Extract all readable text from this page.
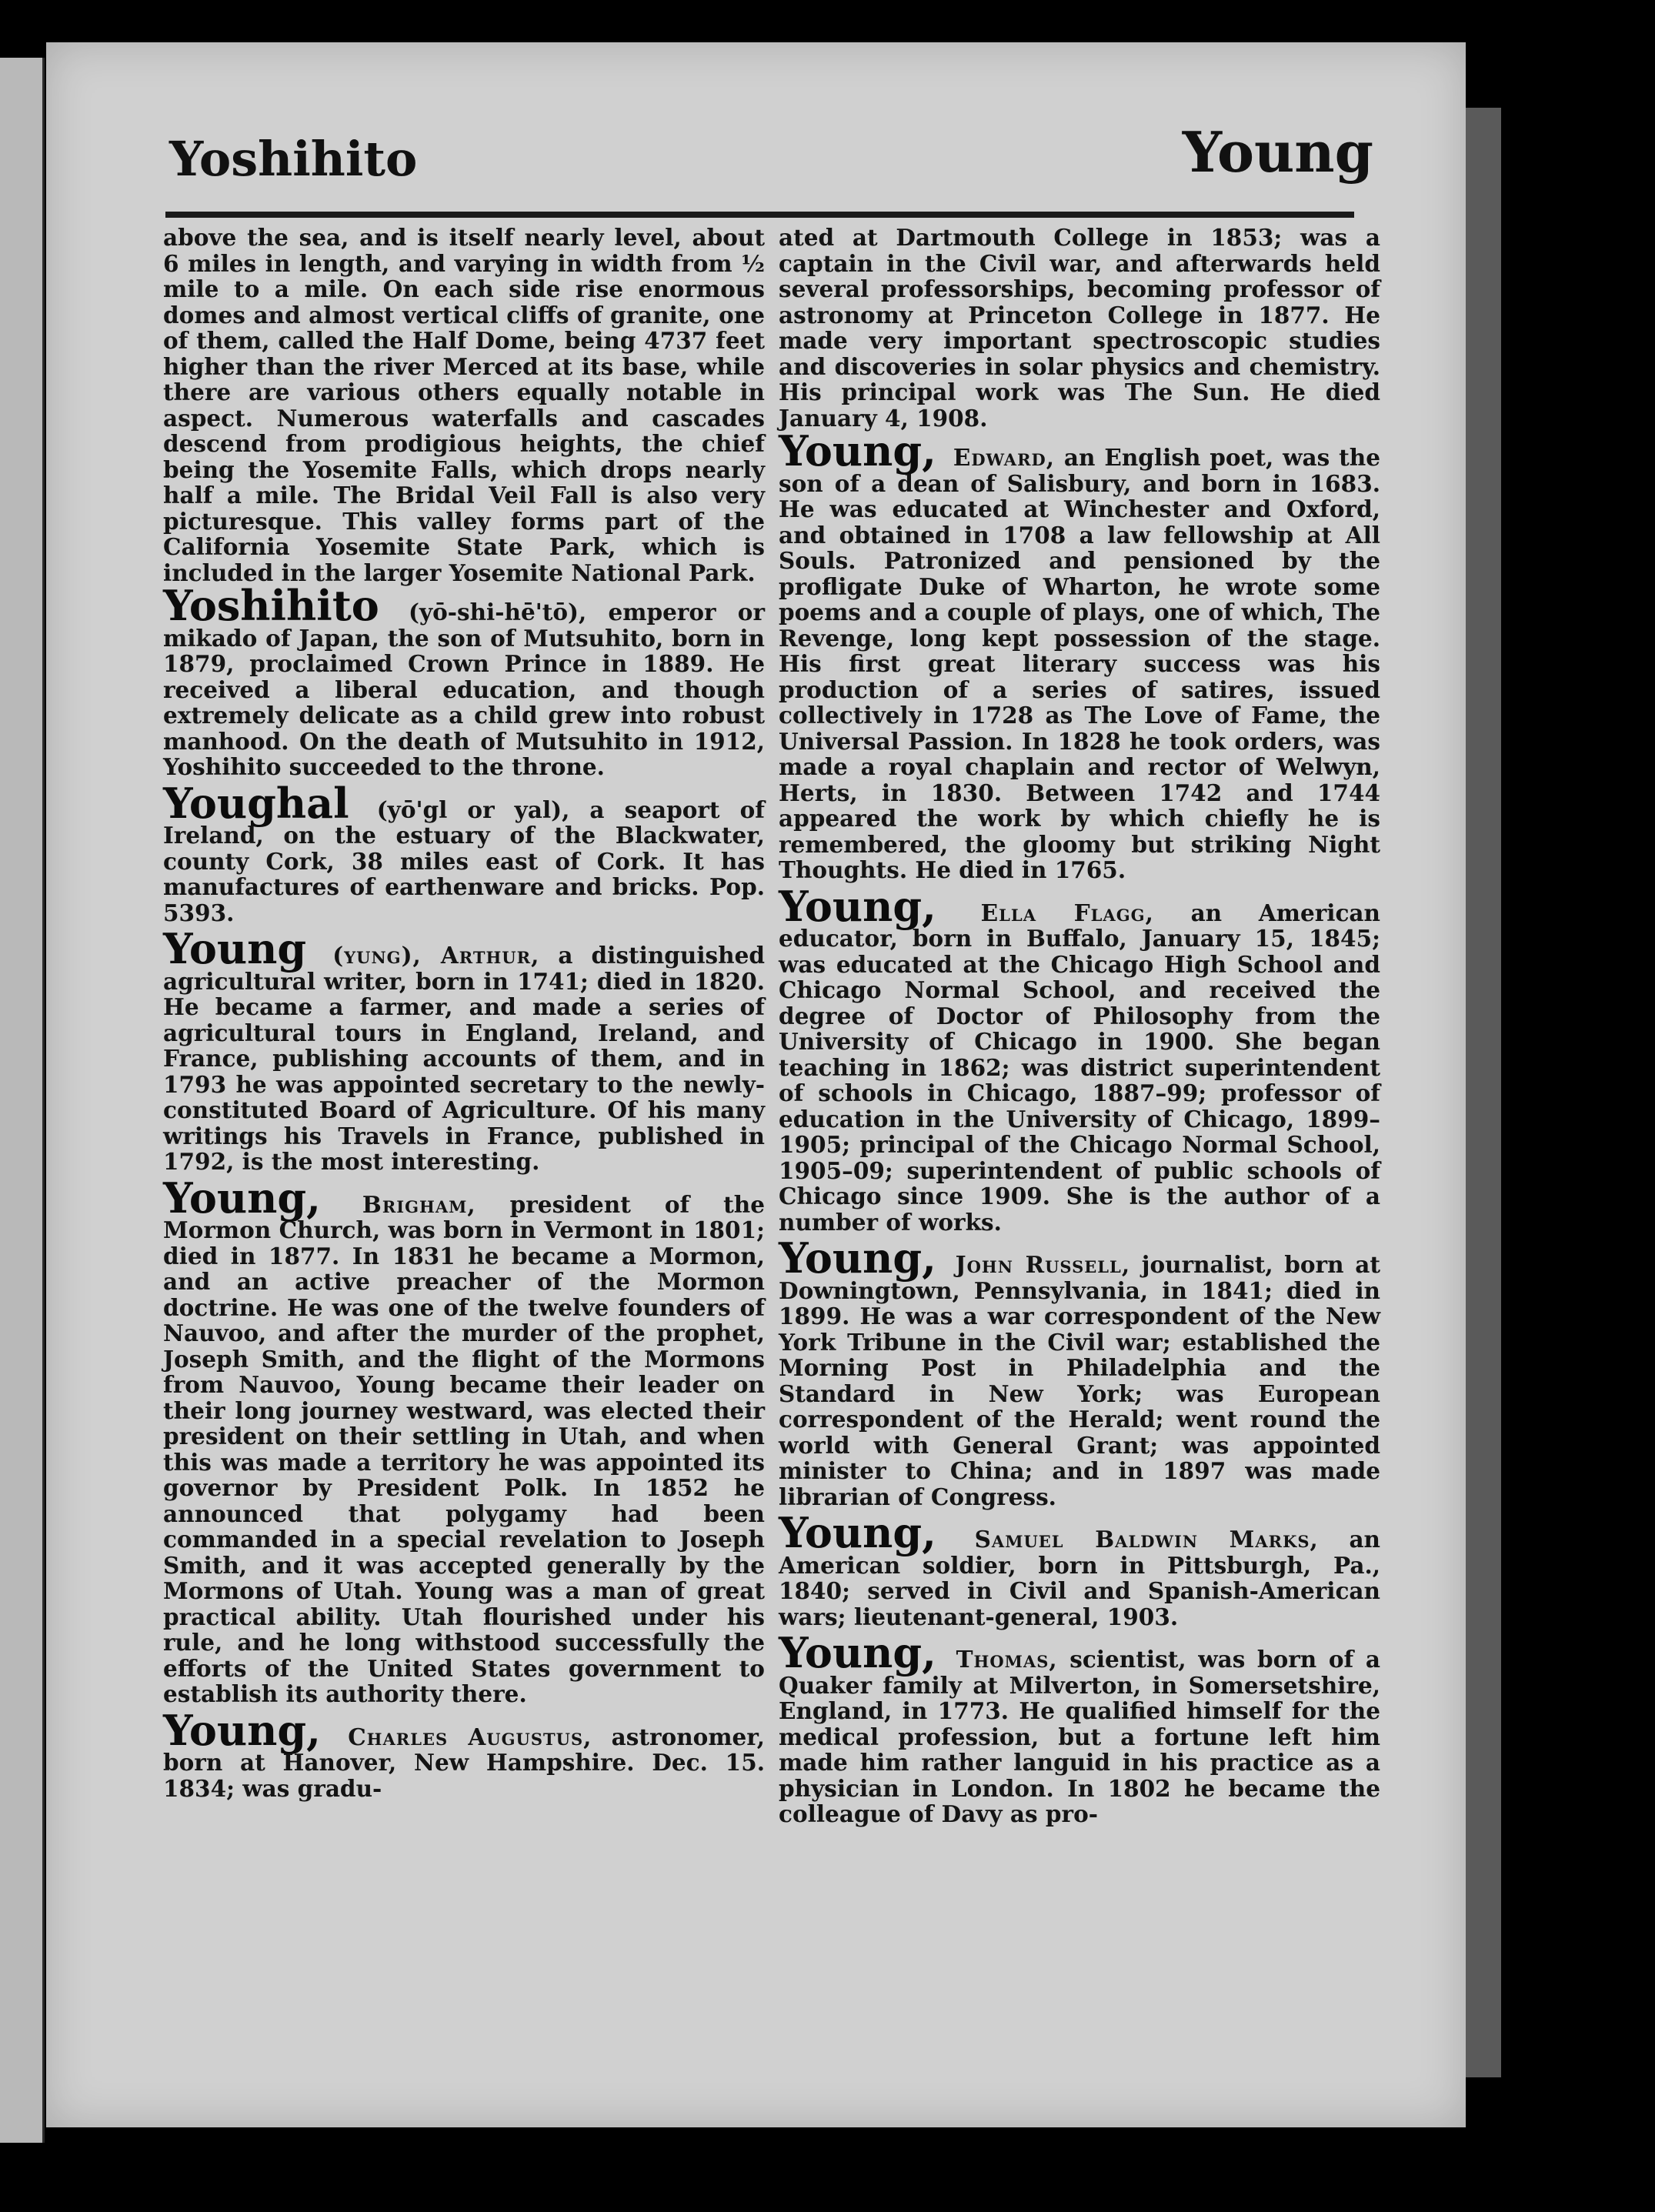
Yoshihito	Young

above the sea, and is itself nearly level, about 6 miles in length, and varying in width from ½ mile to a mile. On each side rise enormous domes and almost vertical cliffs of granite, one of them, called the Half Dome, being 4737 feet higher than the river Merced at its base, while there are various others equally notable in aspect. Numerous waterfalls and cascades descend from prodigious heights, the chief being the Yosemite Falls, which drops nearly half a mile. The Bridal Veil Fall is also very picturesque. This valley forms part of the California Yosemite State Park, which is included in the larger Yosemite National Park.

Yoshihito (yō-shi-hē'tō), emperor or mikado of Japan, the son of Mutsuhito, born in 1879, proclaimed Crown Prince in 1889. He received a liberal education, and though extremely delicate as a child grew into robust manhood. On the death of Mutsuhito in 1912, Yoshihito succeeded to the throne.

Youghal (yō'gl or yal), a seaport of Ireland, on the estuary of the Blackwater, county Cork, 38 miles east of Cork. It has manufactures of earthenware and bricks. Pop. 5393.

Young (yung), Arthur, a distinguished agricultural writer, born in 1741; died in 1820. He became a farmer, and made a series of agricultural tours in England, Ireland, and France, publishing accounts of them, and in 1793 he was appointed secretary to the newly-constituted Board of Agriculture. Of his many writings his Travels in France, published in 1792, is the most interesting.

Young, Brigham, president of the Mormon Church, was born in Vermont in 1801; died in 1877. In 1831 he became a Mormon, and an active preacher of the Mormon doctrine. He was one of the twelve founders of Nauvoo, and after the murder of the prophet, Joseph Smith, and the flight of the Mormons from Nauvoo, Young became their leader on their long journey westward, was elected their president on their settling in Utah, and when this was made a territory he was appointed its governor by President Polk. In 1852 he announced that polygamy had been commanded in a special revelation to Joseph Smith, and it was accepted generally by the Mormons of Utah. Young was a man of great practical ability. Utah flourished under his rule, and he long withstood successfully the efforts of the United States government to establish its authority there.

Young, Charles Augustus, astronomer, born at Hanover, New Hampshire. Dec. 15. 1834; was gradu-

ated at Dartmouth College in 1853; was a captain in the Civil war, and afterwards held several professorships, becoming professor of astronomy at Princeton College in 1877. He made very important spectroscopic studies and discoveries in solar physics and chemistry. His principal work was The Sun. He died January 4, 1908.

Young, Edward, an English poet, was the son of a dean of Salisbury, and born in 1683. He was educated at Winchester and Oxford, and obtained in 1708 a law fellowship at All Souls. Patronized and pensioned by the profligate Duke of Wharton, he wrote some poems and a couple of plays, one of which, The Revenge, long kept possession of the stage. His first great literary success was his production of a series of satires, issued collectively in 1728 as The Love of Fame, the Universal Passion. In 1828 he took orders, was made a royal chaplain and rector of Welwyn, Herts, in 1830. Between 1742 and 1744 appeared the work by which chiefly he is remembered, the gloomy but striking Night Thoughts. He died in 1765.

Young, Ella Flagg, an American educator, born in Buffalo, January 15, 1845; was educated at the Chicago High School and Chicago Normal School, and received the degree of Doctor of Philosophy from the University of Chicago in 1900. She began teaching in 1862; was district superintendent of schools in Chicago, 1887–99; professor of education in the University of Chicago, 1899–1905; principal of the Chicago Normal School, 1905–09; superintendent of public schools of Chicago since 1909. She is the author of a number of works.

Young, John Russell, journalist, born at Downingtown, Pennsylvania, in 1841; died in 1899. He was a war correspondent of the New York Tribune in the Civil war; established the Morning Post in Philadelphia and the Standard in New York; was European correspondent of the Herald; went round the world with General Grant; was appointed minister to China; and in 1897 was made librarian of Congress.

Young, Samuel Baldwin Marks, an American soldier, born in Pittsburgh, Pa., 1840; served in Civil and Spanish-American wars; lieutenant-general, 1903.

Young, Thomas, scientist, was born of a Quaker family at Milverton, in Somersetshire, England, in 1773. He qualified himself for the medical profession, but a fortune left him made him rather languid in his practice as a physician in London. In 1802 he became the colleague of Davy as pro-
